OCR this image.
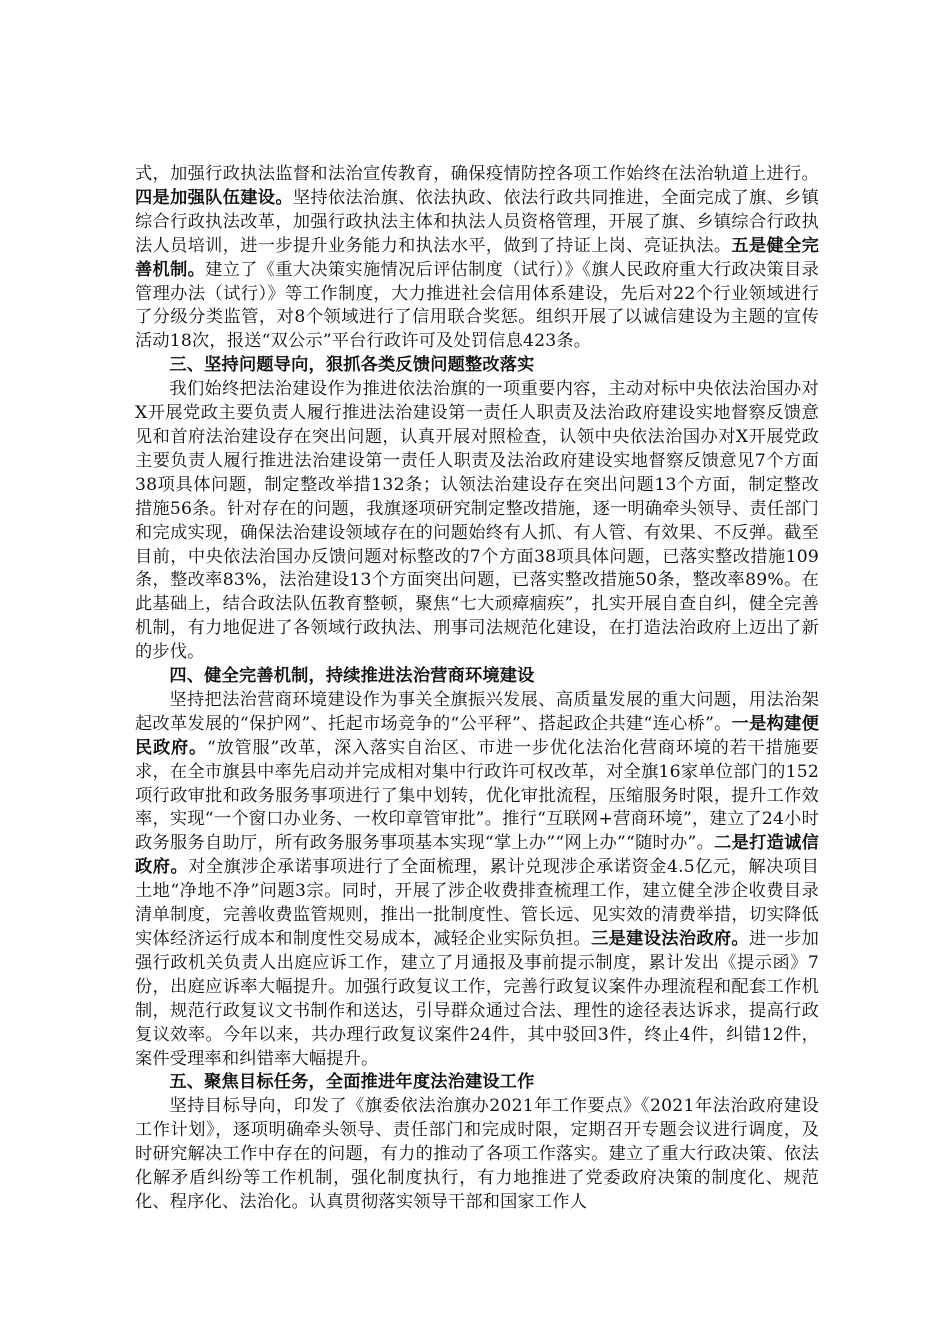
式，加强行政执法监督和法治宣传教育，确保疫情防控各项工作始终在法治轨道上进行。四是加强队伍建设。坚持依法治旗、依法执政、依法行政共同推进，全面完成了旗、乡镇综合行政执法改革，加强行政执法主体和执法人员资格管理，开展了旗、乡镇综合行政执法人员培训，进一步提升业务能力和执法水平，做到了持证上岗、亮证执法。五是健全完善机制。建立了《重大决策实施情况后评估制度（试行）》《旗人民政府重大行政决策目录管理办法（试行）》等工作制度，大力推进社会信用体系建设，先后对22个行业领域进行了分级分类监管，对8个领域进行了信用联合奖惩。组织开展了以诚信建设为主题的宣传活动18次，报送“双公示”平台行政许可及处罚信息423条。

三、坚持问题导向，狠抓各类反馈问题整改落实

我们始终把法治建设作为推进依法治旗的一项重要内容，主动对标中央依法治国办对X开展党政主要负责人履行推进法治建设第一责任人职责及法治政府建设实地督察反馈意见和首府法治建设存在突出问题，认真开展对照检查，认领中央依法治国办对X开展党政主要负责人履行推进法治建设第一责任人职责及法治政府建设实地督察反馈意见7个方面38项具体问题，制定整改举措132条；认领法治建设存在突出问题13个方面，制定整改措施56条。针对存在的问题，我旗逐项研究制定整改措施，逐一明确牵头领导、责任部门和完成实现，确保法治建设领域存在的问题始终有人抓、有人管、有效果、不反弹。截至目前，中央依法治国办反馈问题对标整改的7个方面38项具体问题，已落实整改措施109条，整改率83%，法治建设13个方面突出问题，已落实整改措施50条，整改率89%。在此基础上，结合政法队伍教育整顿，聚焦“七大顽瘴痼疾”，扎实开展自查自纠，健全完善机制，有力地促进了各领域行政执法、刑事司法规范化建设，在打造法治政府上迈出了新的步伐。

四、健全完善机制，持续推进法治营商环境建设

坚持把法治营商环境建设作为事关全旗振兴发展、高质量发展的重大问题，用法治架起改革发展的“保护网”、托起市场竞争的“公平秤”、搭起政企共建“连心桥”。一是构建便民政府。“放管服”改革，深入落实自治区、市进一步优化法治化营商环境的若干措施要求，在全市旗县中率先启动并完成相对集中行政许可权改革，对全旗16家单位部门的152项行政审批和政务服务事项进行了集中划转，优化审批流程，压缩服务时限，提升工作效率，实现“一个窗口办业务、一枚印章管审批”。推行“互联网+营商环境”，建立了24小时政务服务自助厅，所有政务服务事项基本实现“掌上办”“网上办”“随时办”。二是打造诚信政府。对全旗涉企承诺事项进行了全面梳理，累计兑现涉企承诺资金4.5亿元，解决项目土地“净地不净”问题3宗。同时，开展了涉企收费排查梳理工作，建立健全涉企收费目录清单制度，完善收费监管规则，推出一批制度性、管长远、见实效的清费举措，切实降低实体经济运行成本和制度性交易成本，减轻企业实际负担。三是建设法治政府。进一步加强行政机关负责人出庭应诉工作，建立了月通报及事前提示制度，累计发出《提示函》7份，出庭应诉率大幅提升。加强行政复议工作，完善行政复议案件办理流程和配套工作机制，规范行政复议文书制作和送达，引导群众通过合法、理性的途径表达诉求，提高行政复议效率。今年以来，共办理行政复议案件24件，其中驳回3件，终止4件，纠错12件，案件受理率和纠错率大幅提升。

五、聚焦目标任务，全面推进年度法治建设工作

坚持目标导向，印发了《旗委依法治旗办2021年工作要点》《2021年法治政府建设工作计划》，逐项明确牵头领导、责任部门和完成时限，定期召开专题会议进行调度，及时研究解决工作中存在的问题，有力的推动了各项工作落实。建立了重大行政决策、依法化解矛盾纠纷等工作机制，强化制度执行，有力地推进了党委政府决策的制度化、规范化、程序化、法治化。认真贯彻落实领导干部和国家工作人
